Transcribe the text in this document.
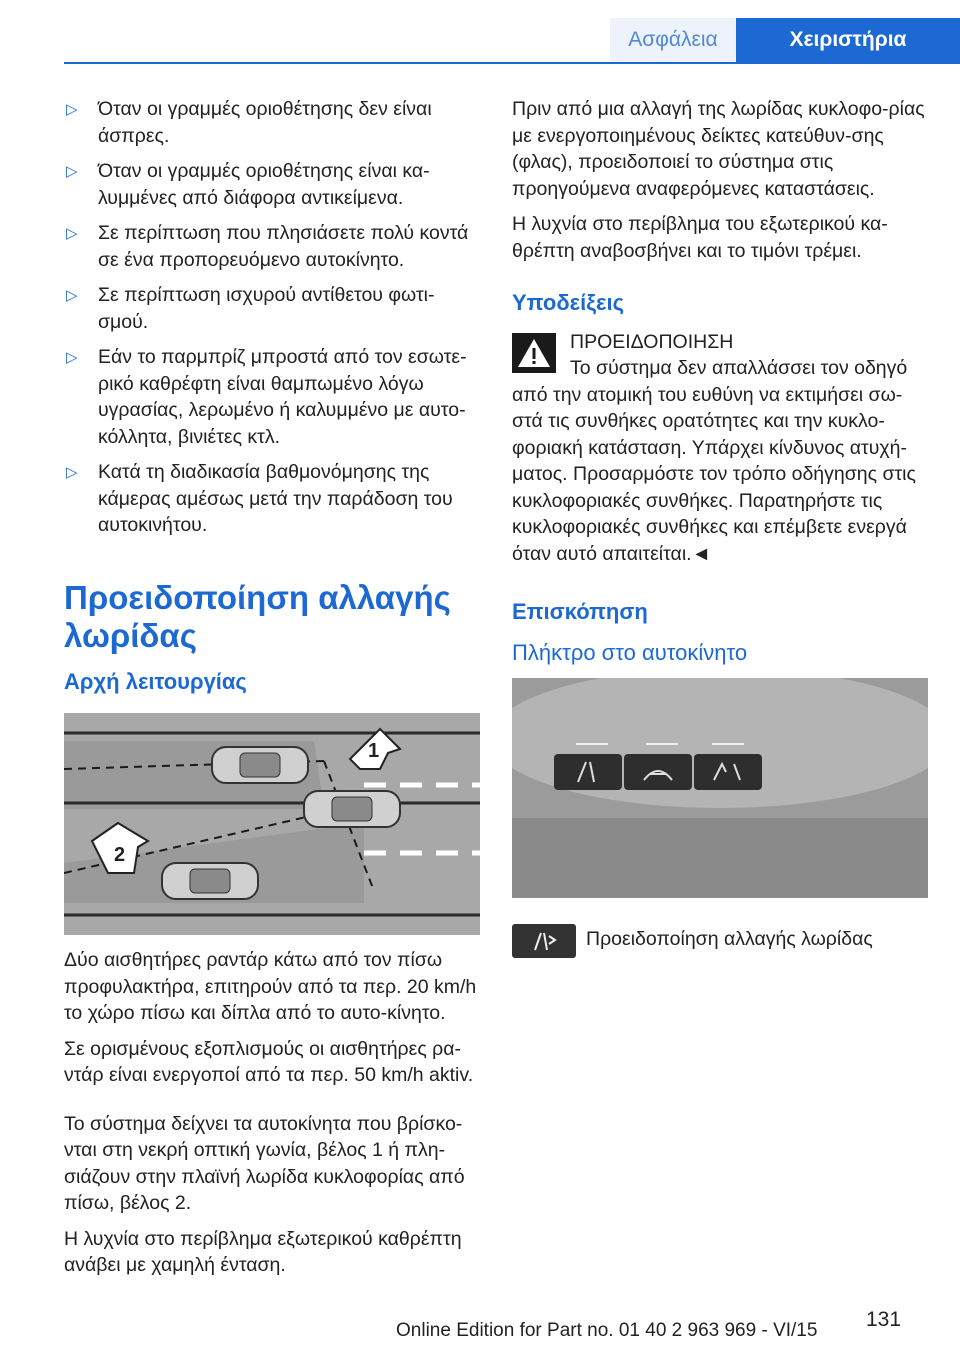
Ασφάλεια	Χειριστήρια
▷ Όταν οι γραμμές οριοθέτησης δεν είναι άσπρες.
▷ Όταν οι γραμμές οριοθέτησης είναι κα‐λυμμένες από διάφορα αντικείμενα.
▷ Σε περίπτωση που πλησιάσετε πολύ κοντά σε ένα προπορευόμενο αυτοκίνητο.
▷ Σε περίπτωση ισχυρού αντίθετου φωτι‐σμού.
▷ Εάν το παρμπρίζ μπροστά από τον εσωτε‐ρικό καθρέφτη είναι θαμπωμένο λόγω υγρασίας, λερωμένο ή καλυμμένο με αυτο‐κόλλητα, βινιέτες κτλ.
▷ Κατά τη διαδικασία βαθμονόμησης της κάμερας αμέσως μετά την παράδοση του αυτοκινήτου.
Προειδοποίηση αλλαγής λωρίδας
Αρχή λειτουργίας
1
2

Δύο αισθητήρες ραντάρ κάτω από τον πίσω προφυλακτήρα, επιτηρούν από τα περ. 20 km/h το χώρο πίσω και δίπλα από το αυτο‐κίνητο.

Σε ορισμένους εξοπλισμούς οι αισθητήρες ρα‐ντάρ είναι ενεργοποί από τα περ. 50 km/h aktiv.

Το σύστημα δείχνει τα αυτοκίνητα που βρίσκο‐νται στη νεκρή οπτική γωνία, βέλος 1 ή πλη‐σιάζουν στην πλαϊνή λωρίδα κυκλοφορίας από πίσω, βέλος 2.

Η λυχνία στο περίβλημα εξωτερικού καθρέπτη ανάβει με χαμηλή ένταση.

Πριν από μια αλλαγή της λωρίδας κυκλοφο‐ρίας με ενεργοποιημένους δείκτες κατεύθυν‐σης (φλας), προειδοποιεί το σύστημα στις προηγούμενα αναφερόμενες καταστάσεις.

Η λυχνία στο περίβλημα του εξωτερικού κα‐θρέπτη αναβοσβήνει και το τιμόνι τρέμει.

Υποδείξεις
ΠΡΟΕΙΔΟΠΟΙΗΣΗ
Το σύστημα δεν απαλλάσσει τον οδηγό από την ατομική του ευθύνη να εκτιμήσει σω‐στά τις συνθήκες ορατότητες και την κυκλο‐φοριακή κατάσταση. Υπάρχει κίνδυνος ατυχή‐ματος. Προσαρμόστε τον τρόπο οδήγησης στις κυκλοφοριακές συνθήκες. Παρατηρήστε τις κυκλοφοριακές συνθήκες και επέμβετε ενεργά όταν αυτό απαιτείται.◄
Επισκόπηση
Πλήκτρο στο αυτοκίνητο
Προειδοποίηση αλλαγής λωρίδας
Online Edition for Part no. 01 40 2 963 969 - VI/15 131
